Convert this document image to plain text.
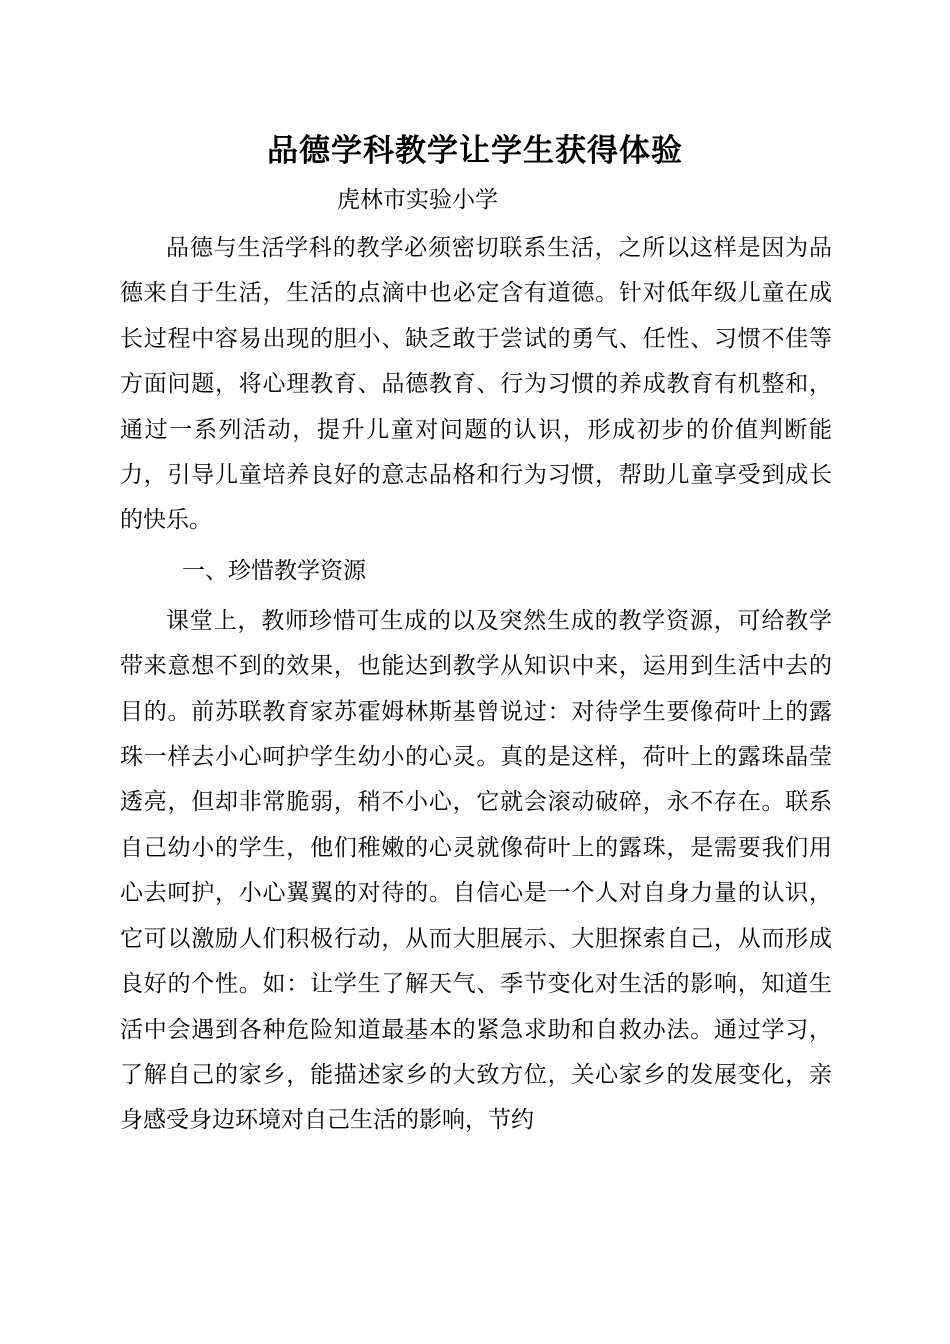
品德学科教学让学生获得体验

虎林市实验小学

品德与生活学科的教学必须密切联系生活，之所以这样是因为品德来自于生活，生活的点滴中也必定含有道德。针对低年级儿童在成长过程中容易出现的胆小、缺乏敢于尝试的勇气、任性、习惯不佳等方面问题，将心理教育、品德教育、行为习惯的养成教育有机整和，通过一系列活动，提升儿童对问题的认识，形成初步的价值判断能力，引导儿童培养良好的意志品格和行为习惯，帮助儿童享受到成长的快乐。

一、珍惜教学资源

课堂上，教师珍惜可生成的以及突然生成的教学资源，可给教学带来意想不到的效果，也能达到教学从知识中来，运用到生活中去的目的。前苏联教育家苏霍姆林斯基曾说过：对待学生要像荷叶上的露珠一样去小心呵护学生幼小的心灵。真的是这样，荷叶上的露珠晶莹透亮，但却非常脆弱，稍不小心，它就会滚动破碎，永不存在。联系自己幼小的学生，他们稚嫩的心灵就像荷叶上的露珠，是需要我们用心去呵护，小心翼翼的对待的。自信心是一个人对自身力量的认识，它可以激励人们积极行动，从而大胆展示、大胆探索自己，从而形成良好的个性。如：让学生了解天气、季节变化对生活的影响，知道生活中会遇到各种危险知道最基本的紧急求助和自救办法。通过学习，了解自己的家乡，能描述家乡的大致方位，关心家乡的发展变化，亲身感受身边环境对自己生活的影响，节约
